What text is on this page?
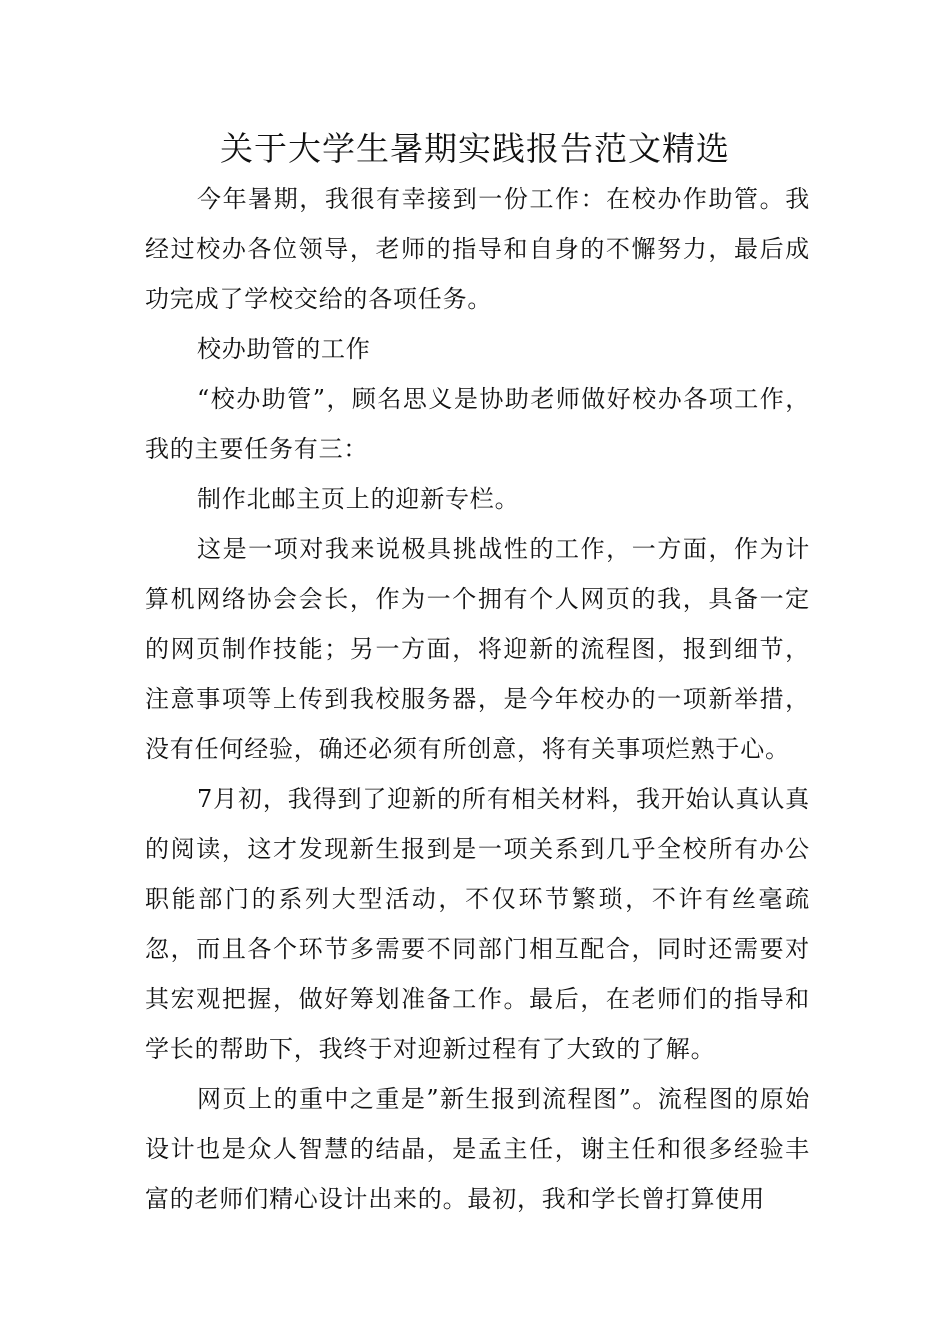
关于大学生暑期实践报告范文精选

今年暑期，我很有幸接到一份工作：在校办作助管。我经过校办各位领导，老师的指导和自身的不懈努力，最后成功完成了学校交给的各项任务。

校办助管的工作

“校办助管”，顾名思义是协助老师做好校办各项工作，我的主要任务有三：

制作北邮主页上的迎新专栏。

这是一项对我来说极具挑战性的工作，一方面，作为计算机网络协会会长，作为一个拥有个人网页的我，具备一定的网页制作技能；另一方面，将迎新的流程图，报到细节，注意事项等上传到我校服务器，是今年校办的一项新举措，没有任何经验，确还必须有所创意，将有关事项烂熟于心。

7月初，我得到了迎新的所有相关材料，我开始认真认真的阅读，这才发现新生报到是一项关系到几乎全校所有办公职能部门的系列大型活动，不仅环节繁琐，不许有丝毫疏忽，而且各个环节多需要不同部门相互配合，同时还需要对其宏观把握，做好筹划准备工作。最后，在老师们的指导和学长的帮助下，我终于对迎新过程有了大致的了解。

网页上的重中之重是”新生报到流程图”。流程图的原始设计也是众人智慧的结晶，是孟主任，谢主任和很多经验丰富的老师们精心设计出来的。最初，我和学长曾打算使用
